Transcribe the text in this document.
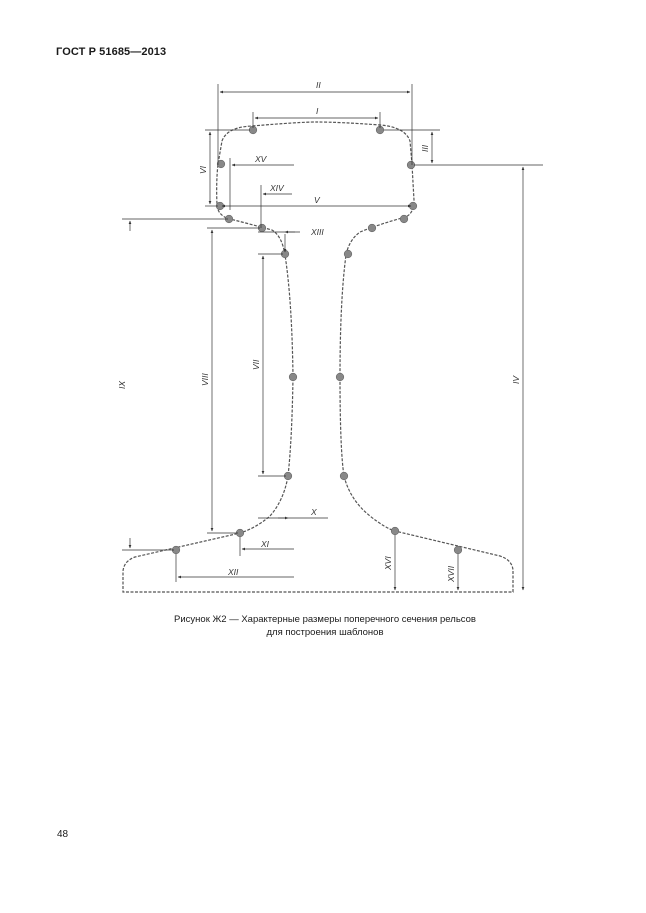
ГОСТ Р 51685—2013
II
I
VI
III
XV
XIV
V
XIII
IX	VIII
VII
IV
X
XI
XII
XVI
XVII
Рисунок Ж2 — Характерные размеры поперечного сечения рельсов
для построения шаблонов
48
